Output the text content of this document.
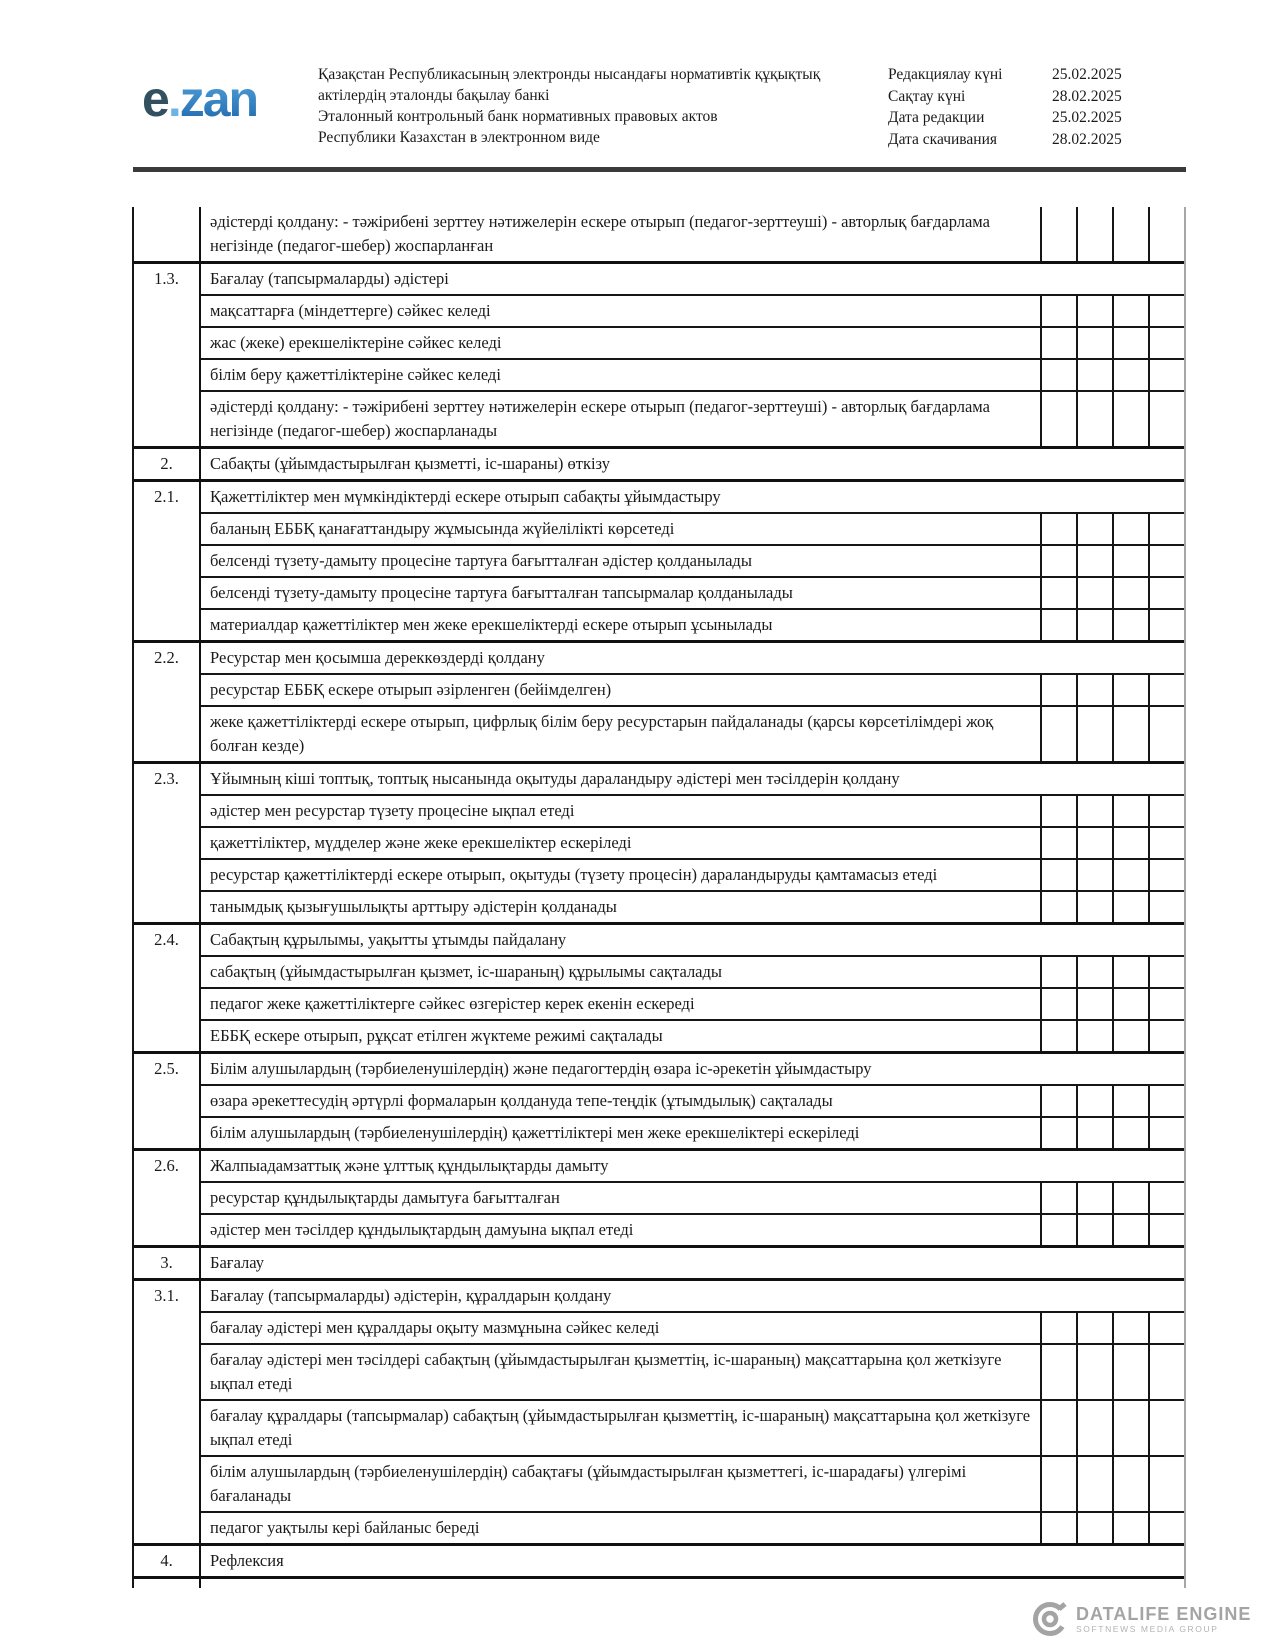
e.zan	Қазақстан Республикасының электронды нысандағы нормативтік құқықтық
актілердің эталонды бақылау банкі
Эталонный контрольный банк нормативных правовых актов
Республики Казахстан в электронном виде
Редакциялау күні	25.02.2025
Сақтау күні	28.02.2025
Дата редакции	25.02.2025
Дата скачивания	28.02.2025
әдістерді қолдану: - тәжірибені зерттеу нәтижелерін ескере отырып (педагог-зерттеуші) - авторлық бағдарлама негізінде (педагог-шебер) жоспарланған
1.3.	Бағалау (тапсырмаларды) әдістері
мақсаттарға (міндеттерге) сәйкес келеді
жас (жеке) ерекшеліктеріне сәйкес келеді
білім беру қажеттіліктеріне сәйкес келеді
әдістерді қолдану: - тәжірибені зерттеу нәтижелерін ескере отырып (педагог-зерттеуші) - авторлық бағдарлама негізінде (педагог-шебер) жоспарланады
2.	Сабақты (ұйымдастырылған қызметті, іс-шараны) өткізу
2.1.	Қажеттіліктер мен мүмкіндіктерді ескере отырып сабақты ұйымдастыру
баланың ЕББҚ қанағаттандыру жұмысында жүйелілікті көрсетеді
белсенді түзету-дамыту процесіне тартуға бағытталған әдістер қолданылады
белсенді түзету-дамыту процесіне тартуға бағытталған тапсырмалар қолданылады
материалдар қажеттіліктер мен жеке ерекшеліктерді ескере отырып ұсынылады
2.2.	Ресурстар мен қосымша дереккөздерді қолдану
ресурстар ЕББҚ ескере отырып әзірленген (бейімделген)
жеке қажеттіліктерді ескере отырып, цифрлық білім беру ресурстарын пайдаланады (қарсы көрсетілімдері жоқ болған кезде)
2.3.	Ұйымның кіші топтық, топтық нысанында оқытуды дараландыру әдістері мен тәсілдерін қолдану
әдістер мен ресурстар түзету процесіне ықпал етеді
қажеттіліктер, мүдделер және жеке ерекшеліктер ескеріледі
ресурстар қажеттіліктерді ескере отырып, оқытуды (түзету процесін) дараландыруды қамтамасыз етеді
танымдық қызығушылықты арттыру әдістерін қолданады
2.4.	Сабақтың құрылымы, уақытты ұтымды пайдалану
сабақтың (ұйымдастырылған қызмет, іс-шараның) құрылымы сақталады
педагог жеке қажеттіліктерге сәйкес өзгерістер керек екенін ескереді
ЕББҚ ескере отырып, рұқсат етілген жүктеме режимі сақталады
2.5.	Білім алушылардың (тәрбиеленушілердің) және педагогтердің өзара іс-әрекетін ұйымдастыру
өзара әрекеттесудің әртүрлі формаларын қолдануда тепе-теңдік (ұтымдылық) сақталады
білім алушылардың (тәрбиеленушілердің) қажеттіліктері мен жеке ерекшеліктері ескеріледі
2.6.	Жалпыадамзаттық және ұлттық құндылықтарды дамыту
ресурстар құндылықтарды дамытуға бағытталған
әдістер мен тәсілдер құндылықтардың дамуына ықпал етеді
3.	Бағалау
3.1.	Бағалау (тапсырмаларды) әдістерін, құралдарын қолдану
бағалау әдістері мен құралдары оқыту мазмұнына сәйкес келеді
бағалау әдістері мен тәсілдері сабақтың (ұйымдастырылған қызметтің, іс-шараның) мақсаттарына қол жеткізуге ықпал етеді
бағалау құралдары (тапсырмалар) сабақтың (ұйымдастырылған қызметтің, іс-шараның) мақсаттарына қол жеткізуге ықпал етеді
білім алушылардың (тәрбиеленушілердің) сабақтағы (ұйымдастырылған қызметтегі, іс-шарадағы) үлгерімі бағаланады
педагог уақтылы кері байланыс береді
4.	Рефлексия
DATALIFE ENGINE
SOFTNEWS MEDIA GROUP
